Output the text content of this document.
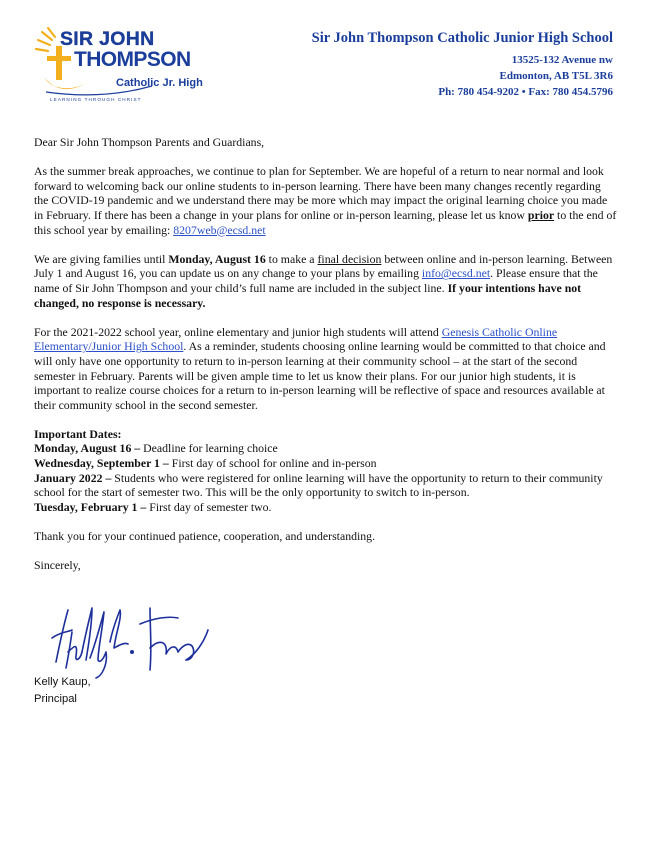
SIR JOHN
THOMPSON
Catholic Jr. High
LEARNING THROUGH CHRIST
Sir John Thompson Catholic Junior High School
13525-132 Avenue nw
Edmonton, AB T5L 3R6
Ph: 780 454-9202 • Fax: 780 454.5796

Dear Sir John Thompson Parents and Guardians,

As the summer break approaches, we continue to plan for September. We are hopeful of a return to near normal and look forward to welcoming back our online students to in-person learning. There have been many changes recently regarding the COVID-19 pandemic and we understand there may be more which may impact the original learning choice you made in February. If there has been a change in your plans for online or in-person learning, please let us know prior to the end of this school year by emailing: 8207web@ecsd.net

We are giving families until Monday, August 16 to make a final decision between online and in-person learning. Between July 1 and August 16, you can update us on any change to your plans by emailing info@ecsd.net. Please ensure that the name of Sir John Thompson and your child’s full name are included in the subject line. If your intentions have not changed, no response is necessary.

For the 2021-2022 school year, online elementary and junior high students will attend Genesis Catholic Online Elementary/Junior High School. As a reminder, students choosing online learning would be committed to that choice and will only have one opportunity to return to in-person learning at their community school – at the start of the second semester in February. Parents will be given ample time to let us know their plans. For our junior high students, it is important to realize course choices for a return to in-person learning will be reflective of space and resources available at their community school in the second semester.

Important Dates:
Monday, August 16 – Deadline for learning choice
Wednesday, September 1 – First day of school for online and in-person
January 2022 – Students who were registered for online learning will have the opportunity to return to their community school for the start of semester two. This will be the only opportunity to switch to in-person.
Tuesday, February 1 – First day of semester two.

Thank you for your continued patience, cooperation, and understanding.

Sincerely,

Kelly Kaup,
Principal
